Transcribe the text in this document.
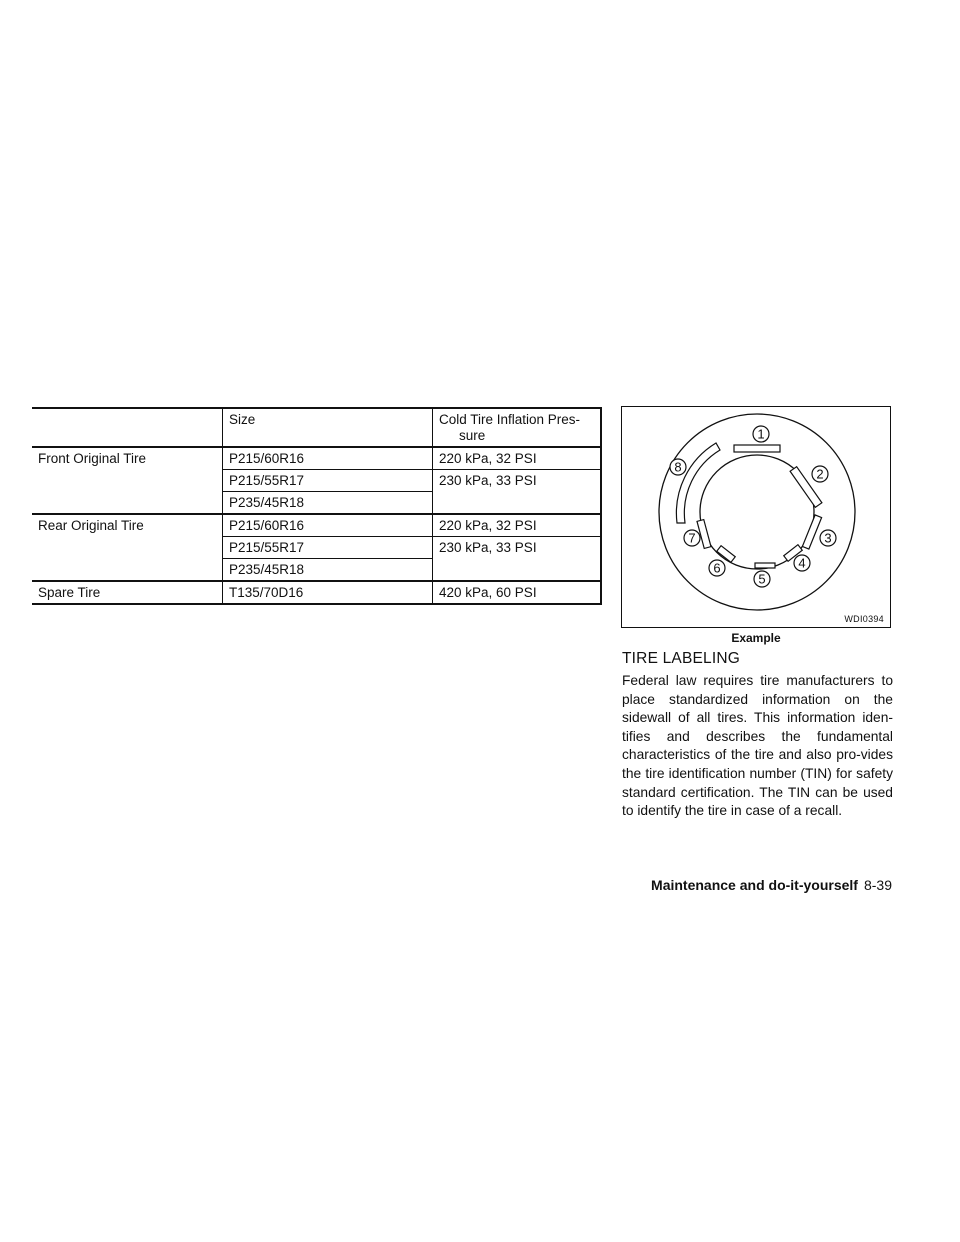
	Size	Cold Tire Inflation Pres-
sure

Front Original Tire	P215/60R16	220 kPa, 32 PSI
	P215/55R17	230 kPa, 33 PSI
	P235/45R18	
Rear Original Tire	P215/60R16	220 kPa, 32 PSI
	P215/55R17	230 kPa, 33 PSI
	P235/45R18	
Spare Tire	T135/70D16	420 kPa, 60 PSI
1
2
3
4
5
6
7
8
WDI0394
Example
TIRE LABELING
Federal law requires tire manufacturers to place standardized information on the sidewall of all tires. This information iden-tifies and describes the fundamental characteristics of the tire and also pro-vides the tire identification number (TIN) for safety standard certification. The TIN can be used to identify the tire in case of a recall.
Maintenance and do-it-yourself 8-39
